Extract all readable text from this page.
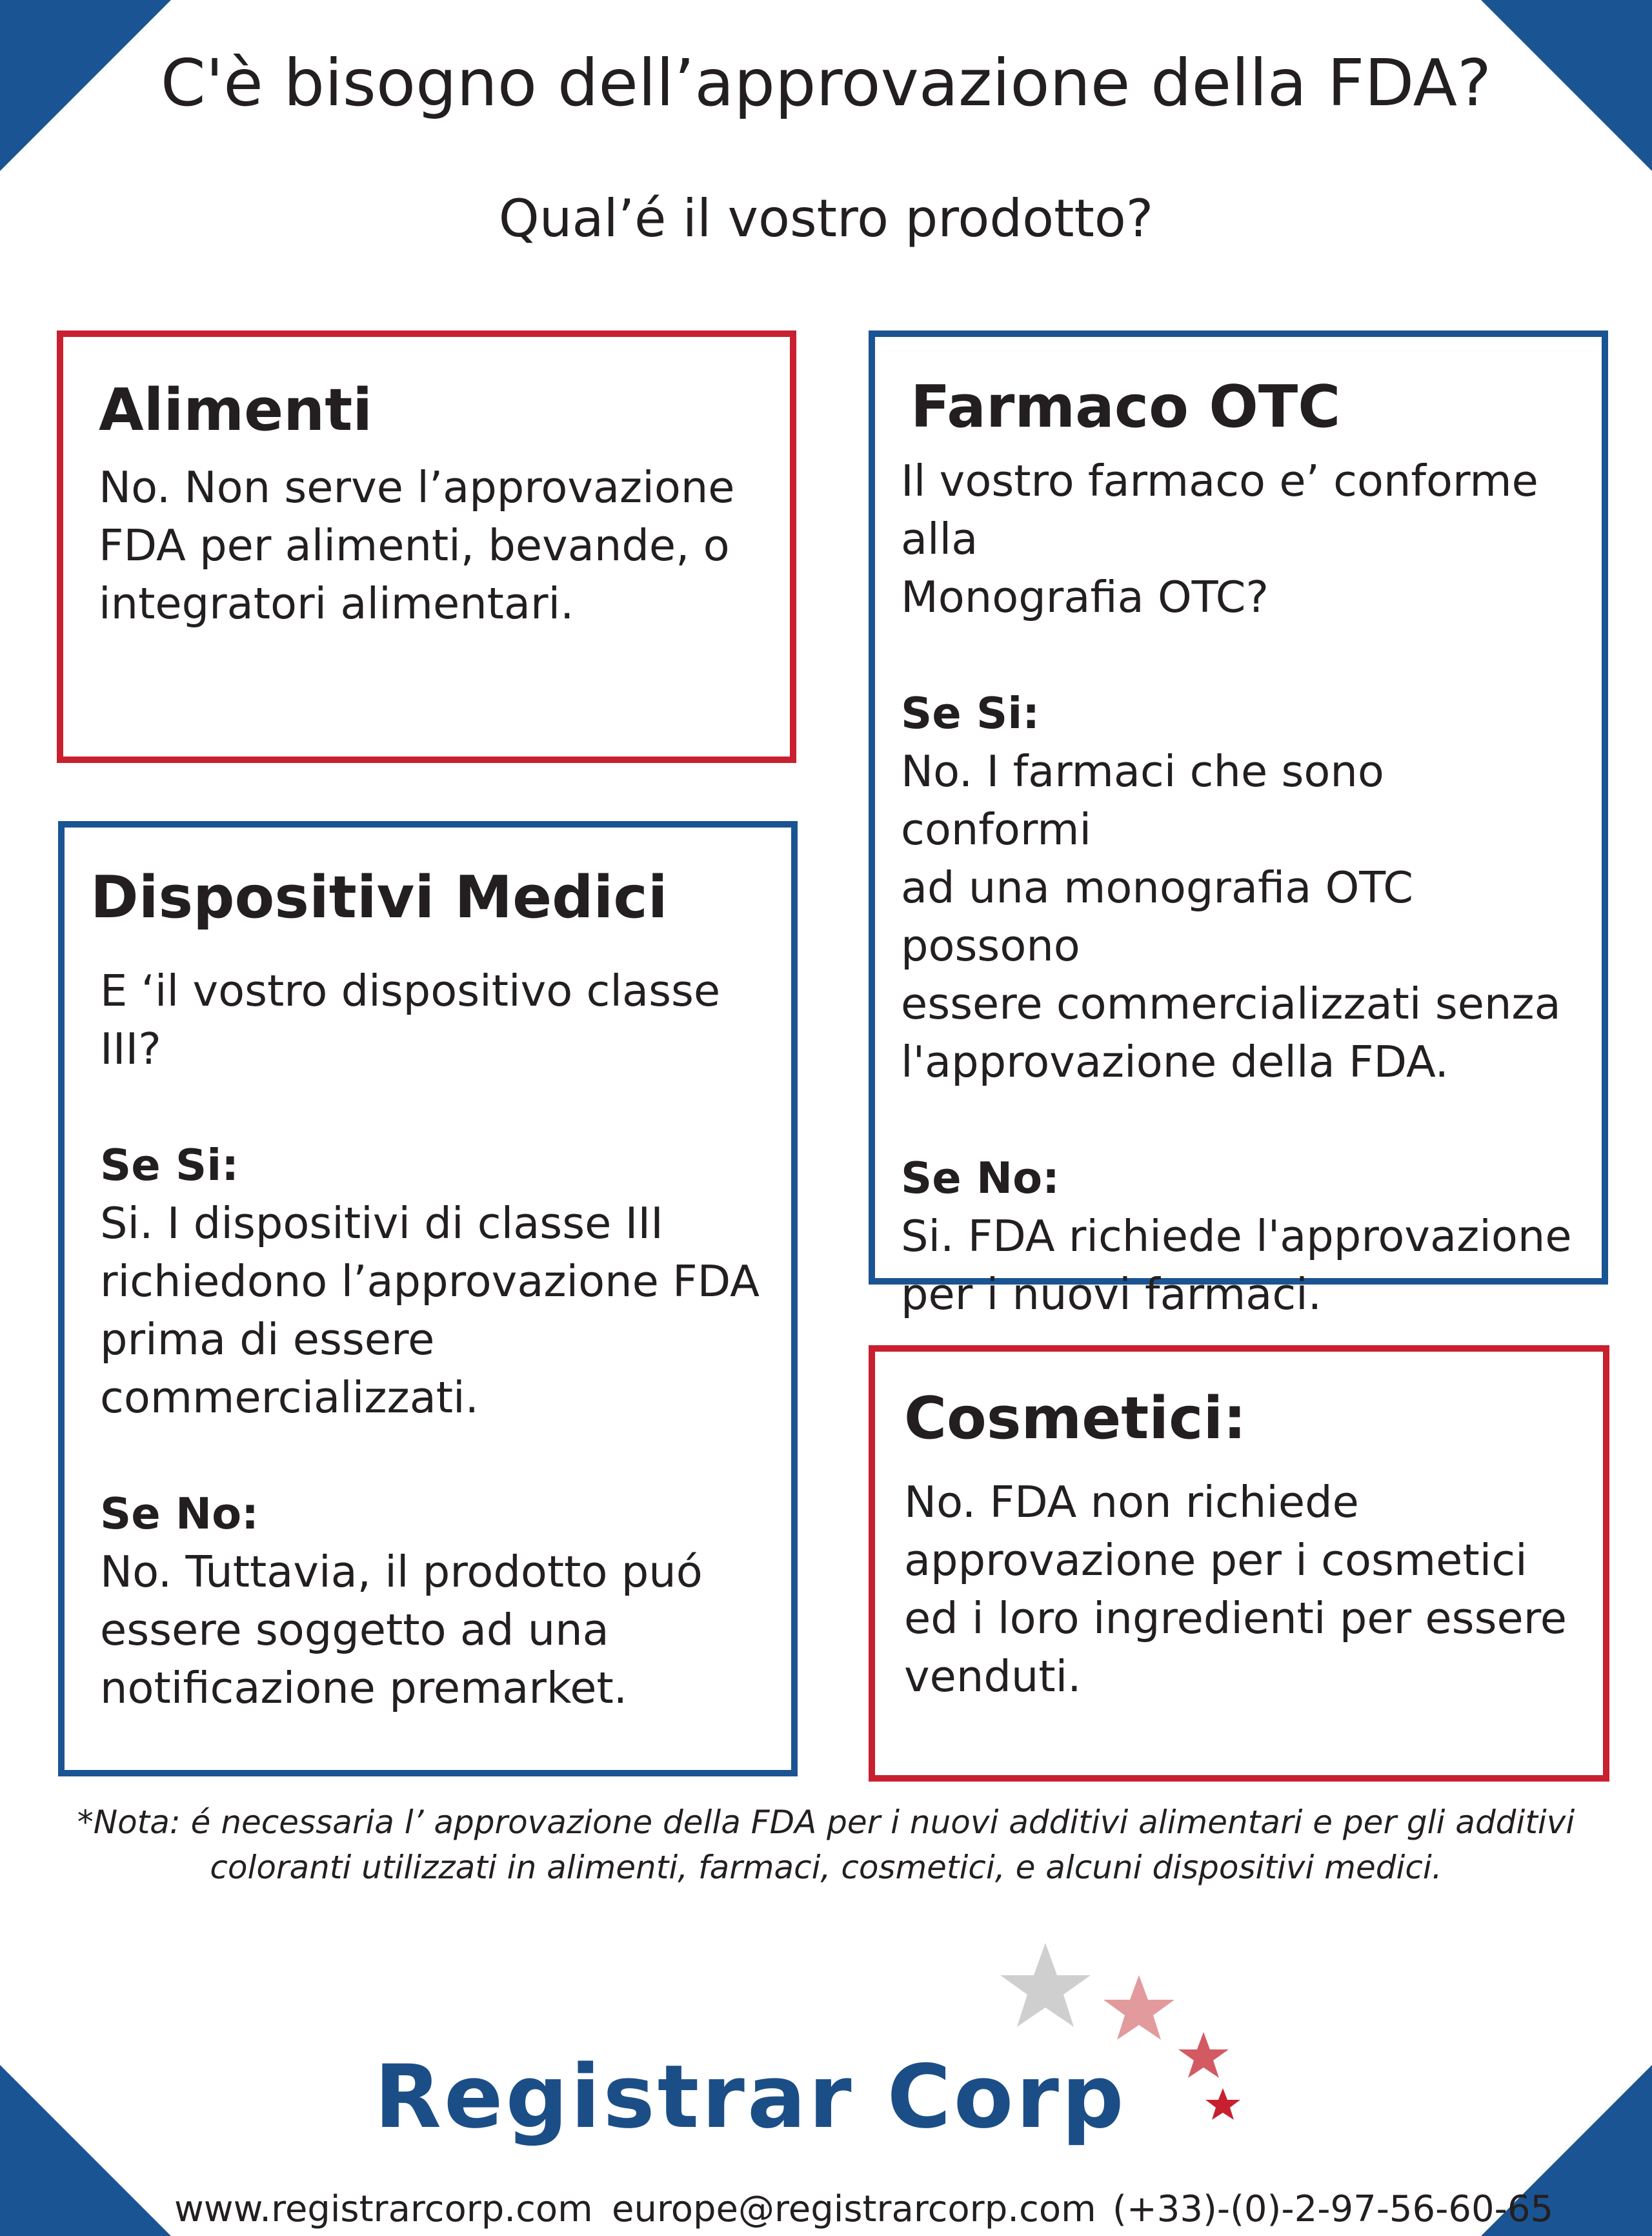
C'è bisogno dell’approvazione della FDA?

Qual’é il vostro prodotto?

Alimenti

No. Non serve l’approvazione

FDA per alimenti, bevande, o

integratori alimentari.

Dispositivi Medici

E ‘il vostro dispositivo classe III?

Se Si:

Si. I dispositivi di classe III

richiedono l’approvazione FDA

prima di essere commercializzati.

Se No:

No. Tuttavia, il prodotto puó

essere soggetto ad una

notificazione premarket.

Farmaco OTC

Il vostro farmaco e’ conforme alla

Monografia OTC?

Se Si:

No. I farmaci che sono conformi

ad una monografia OTC possono

essere commercializzati senza

l'approvazione della FDA.

Se No:

Si. FDA richiede l'approvazione

per i nuovi farmaci.

Cosmetici:

No. FDA non richiede

approvazione per i cosmetici

ed i loro ingredienti per essere

venduti.

*Nota: é necessaria l’ approvazione della FDA per i nuovi additivi alimentari e per gli additivi
coloranti utilizzati in alimenti, farmaci, cosmetici, e alcuni dispositivi medici.

Registrar Corp
www.registrarcorp.com europe@registrarcorp.com (+33)-(0)-2-97-56-60-65
